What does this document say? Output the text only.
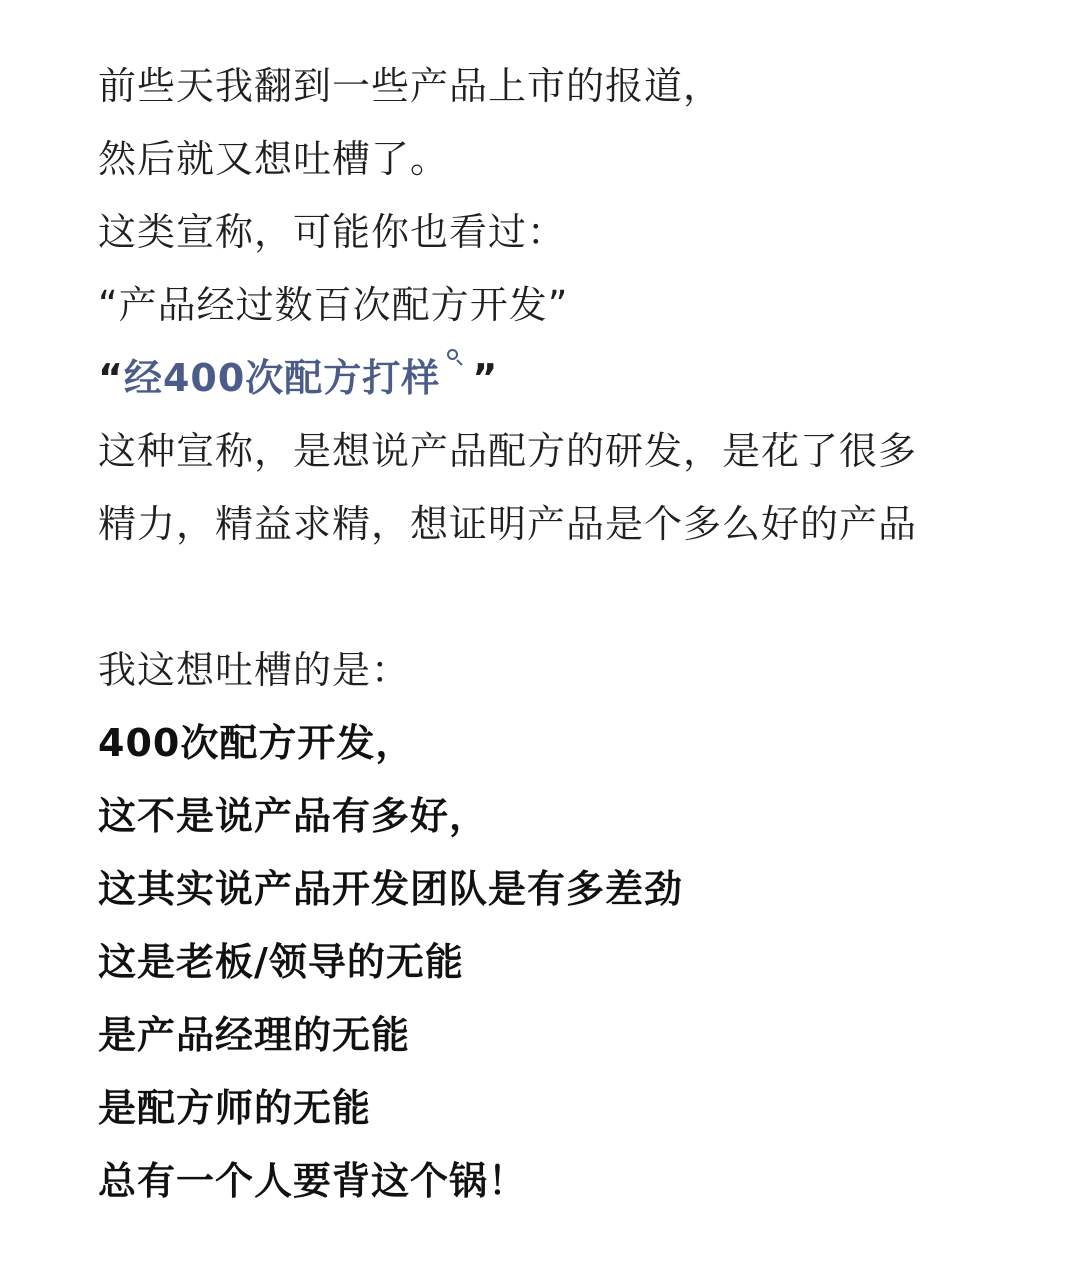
前些天我翻到一些产品上市的报道，
然后就又想吐槽了。
这类宣称，可能你也看过：
“产品经过数百次配方开发”
“经400次配方打样 ”
这种宣称，是想说产品配方的研发，是花了很多
精力，精益求精，想证明产品是个多么好的产品
我这想吐槽的是：
400次配方开发，
这不是说产品有多好，
这其实说产品开发团队是有多差劲
这是老板/领导的无能
是产品经理的无能
是配方师的无能
总有一个人要背这个锅！
